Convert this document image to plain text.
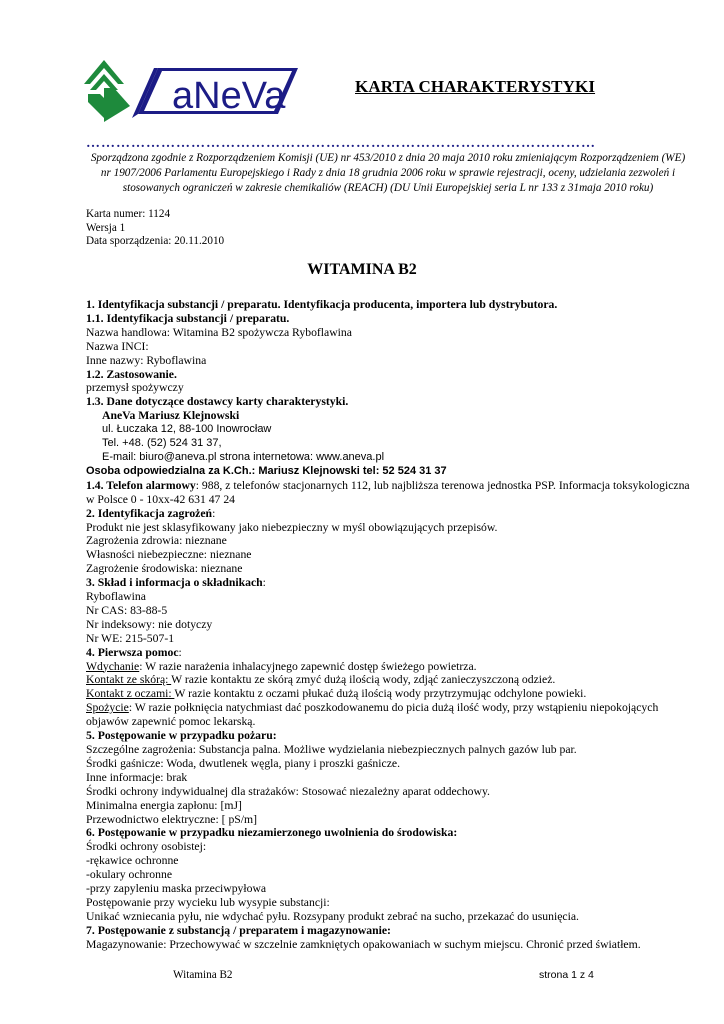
aNeVa	KARTA CHARAKTERYSTYKI
…………………………………………………………………………………………
Sporządzona zgodnie z Rozporządzeniem Komisji (UE) nr 453/2010 z dnia 20 maja 2010 roku zmieniającym Rozporządzeniem (WE) nr 1907/2006 Parlamentu Europejskiego i Rady z dnia 18 grudnia 2006 roku w sprawie rejestracji, oceny, udzielania zezwoleń i stosowanych ograniczeń w zakresie chemikaliów (REACH) (DU Unii Europejskiej seria L nr 133 z 31maja 2010 roku)
Karta numer: 1124
Wersja 1
Data sporządzenia: 20.11.2010
WITAMINA B2
1. Identyfikacja substancji / preparatu. Identyfikacja producenta, importera lub dystrybutora.
1.1. Identyfikacja substancji / preparatu.
Nazwa handlowa: Witamina B2 spożywcza Ryboflawina
Nazwa INCI:
Inne nazwy: Ryboflawina
1.2. Zastosowanie.
przemysł spożywczy
1.3. Dane dotyczące dostawcy karty charakterystyki.
AneVa Mariusz Klejnowski
ul. Łuczaka 12, 88-100 Inowrocław
Tel. +48. (52) 524 31 37,
E-mail: biuro@aneva.pl strona internetowa: www.aneva.pl
Osoba odpowiedzialna za K.Ch.: Mariusz Klejnowski tel: 52 524 31 37
1.4. Telefon alarmowy: 988, z telefonów stacjonarnych 112, lub najbliższa terenowa jednostka PSP. Informacja toksykologiczna w Polsce 0 - 10xx-42 631 47 24
2. Identyfikacja zagrożeń:
Produkt nie jest sklasyfikowany jako niebezpieczny w myśl obowiązujących przepisów.
Zagrożenia zdrowia: nieznane
Własności niebezpieczne: nieznane
Zagrożenie środowiska: nieznane
3. Skład i informacja o składnikach:
Ryboflawina
Nr CAS: 83-88-5
Nr indeksowy: nie dotyczy
Nr WE: 215-507-1
4. Pierwsza pomoc:
Wdychanie: W razie narażenia inhalacyjnego zapewnić dostęp świeżego powietrza.
Kontakt ze skórą: W razie kontaktu ze skórą zmyć dużą ilością wody, zdjąć zanieczyszczoną odzież.
Kontakt z oczami: W razie kontaktu z oczami płukać dużą ilością wody przytrzymując odchylone powieki.
Spożycie: W razie połknięcia natychmiast dać poszkodowanemu do picia dużą ilość wody, przy wstąpieniu niepokojących objawów zapewnić pomoc lekarską.
5. Postępowanie w przypadku pożaru:
Szczególne zagrożenia: Substancja palna. Możliwe wydzielania niebezpiecznych palnych gazów lub par.
Środki gaśnicze: Woda, dwutlenek węgla, piany i proszki gaśnicze.
Inne informacje: brak
Środki ochrony indywidualnej dla strażaków: Stosować niezależny aparat oddechowy.
Minimalna energia zapłonu: [mJ]
Przewodnictwo elektryczne: [ pS/m]
6. Postępowanie w przypadku niezamierzonego uwolnienia do środowiska:
Środki ochrony osobistej:
-rękawice ochronne
-okulary ochronne
-przy zapyleniu maska przeciwpyłowa
Postępowanie przy wycieku lub wysypie substancji:
Unikać wzniecania pyłu, nie wdychać pyłu. Rozsypany produkt zebrać na sucho, przekazać do usunięcia.
7. Postępowanie z substancją / preparatem i magazynowanie:
Magazynowanie: Przechowywać w szczelnie zamkniętych opakowaniach w suchym miejscu. Chronić przed światłem.
Witamina B2	strona 1 z 4
